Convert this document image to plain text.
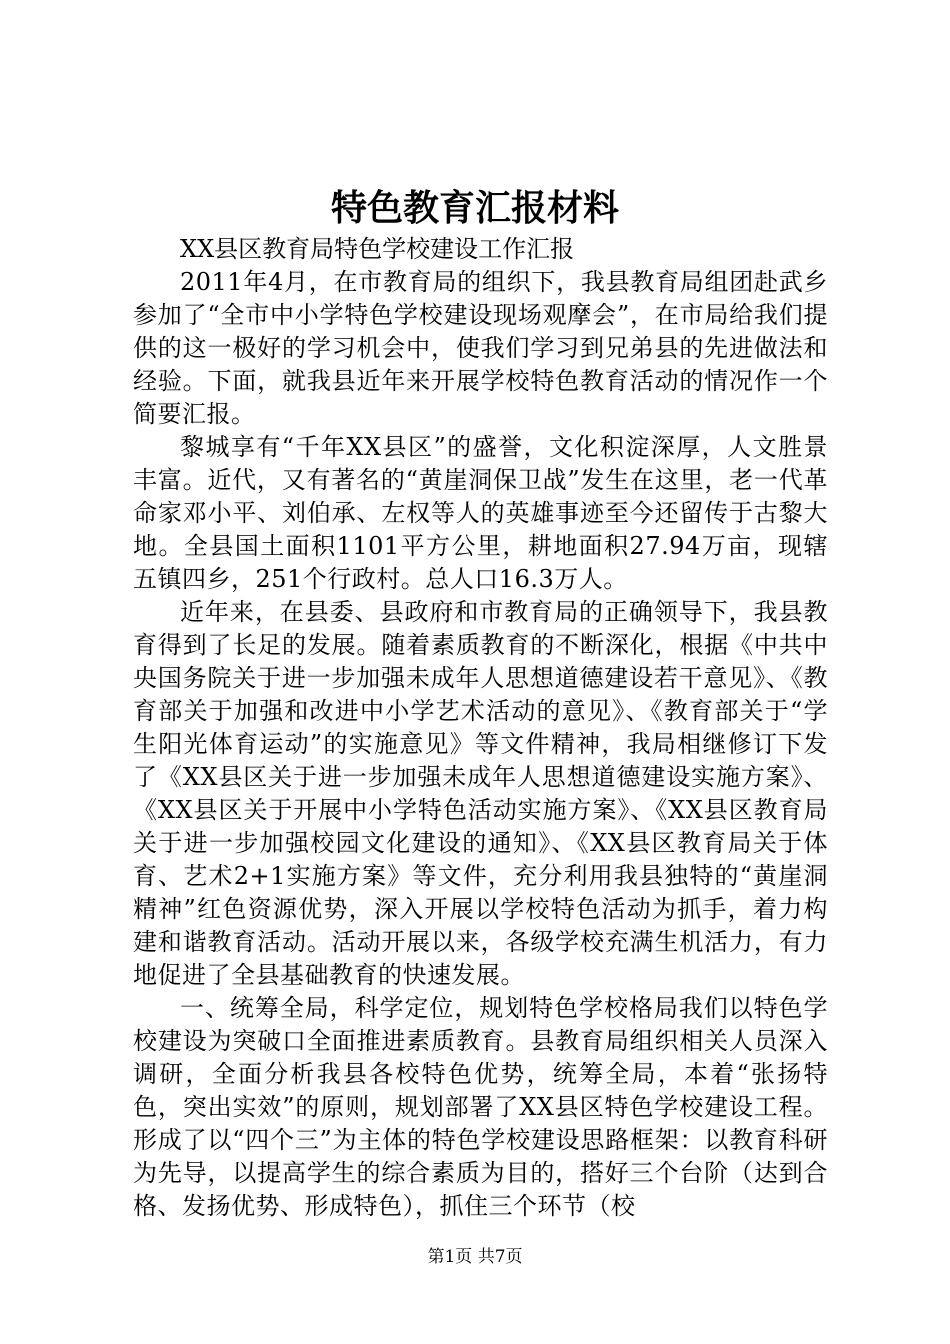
特色教育汇报材料

XX县区教育局特色学校建设工作汇报

2011年4月，在市教育局的组织下，我县教育局组团赴武乡参加了“全市中小学特色学校建设现场观摩会”，在市局给我们提供的这一极好的学习机会中，使我们学习到兄弟县的先进做法和经验。下面，就我县近年来开展学校特色教育活动的情况作一个简要汇报。

黎城享有“千年XX县区”的盛誉，文化积淀深厚，人文胜景丰富。近代，又有著名的“黄崖洞保卫战”发生在这里，老一代革命家邓小平、刘伯承、左权等人的英雄事迹至今还留传于古黎大地。全县国土面积1101平方公里，耕地面积27.94万亩，现辖五镇四乡，251个行政村。总人口16.3万人。

近年来，在县委、县政府和市教育局的正确领导下，我县教育得到了长足的发展。随着素质教育的不断深化，根据《中共中央国务院关于进一步加强未成年人思想道德建设若干意见》、《教育部关于加强和改进中小学艺术活动的意见》、《教育部关于“学生阳光体育运动”的实施意见》等文件精神，我局相继修订下发了《XX县区关于进一步加强未成年人思想道德建设实施方案》、《XX县区关于开展中小学特色活动实施方案》、《XX县区教育局关于进一步加强校园文化建设的通知》、《XX县区教育局关于体育、艺术2+1实施方案》等文件，充分利用我县独特的“黄崖洞精神”红色资源优势，深入开展以学校特色活动为抓手，着力构建和谐教育活动。活动开展以来，各级学校充满生机活力，有力地促进了全县基础教育的快速发展。

一、统筹全局，科学定位，规划特色学校格局我们以特色学校建设为突破口全面推进素质教育。县教育局组织相关人员深入调研，全面分析我县各校特色优势，统筹全局，本着“张扬特色，突出实效”的原则，规划部署了XX县区特色学校建设工程。形成了以“四个三”为主体的特色学校建设思路框架：以教育科研为先导，以提高学生的综合素质为目的，搭好三个台阶（达到合格、发扬优势、形成特色），抓住三个环节（校

第1页 共7页
